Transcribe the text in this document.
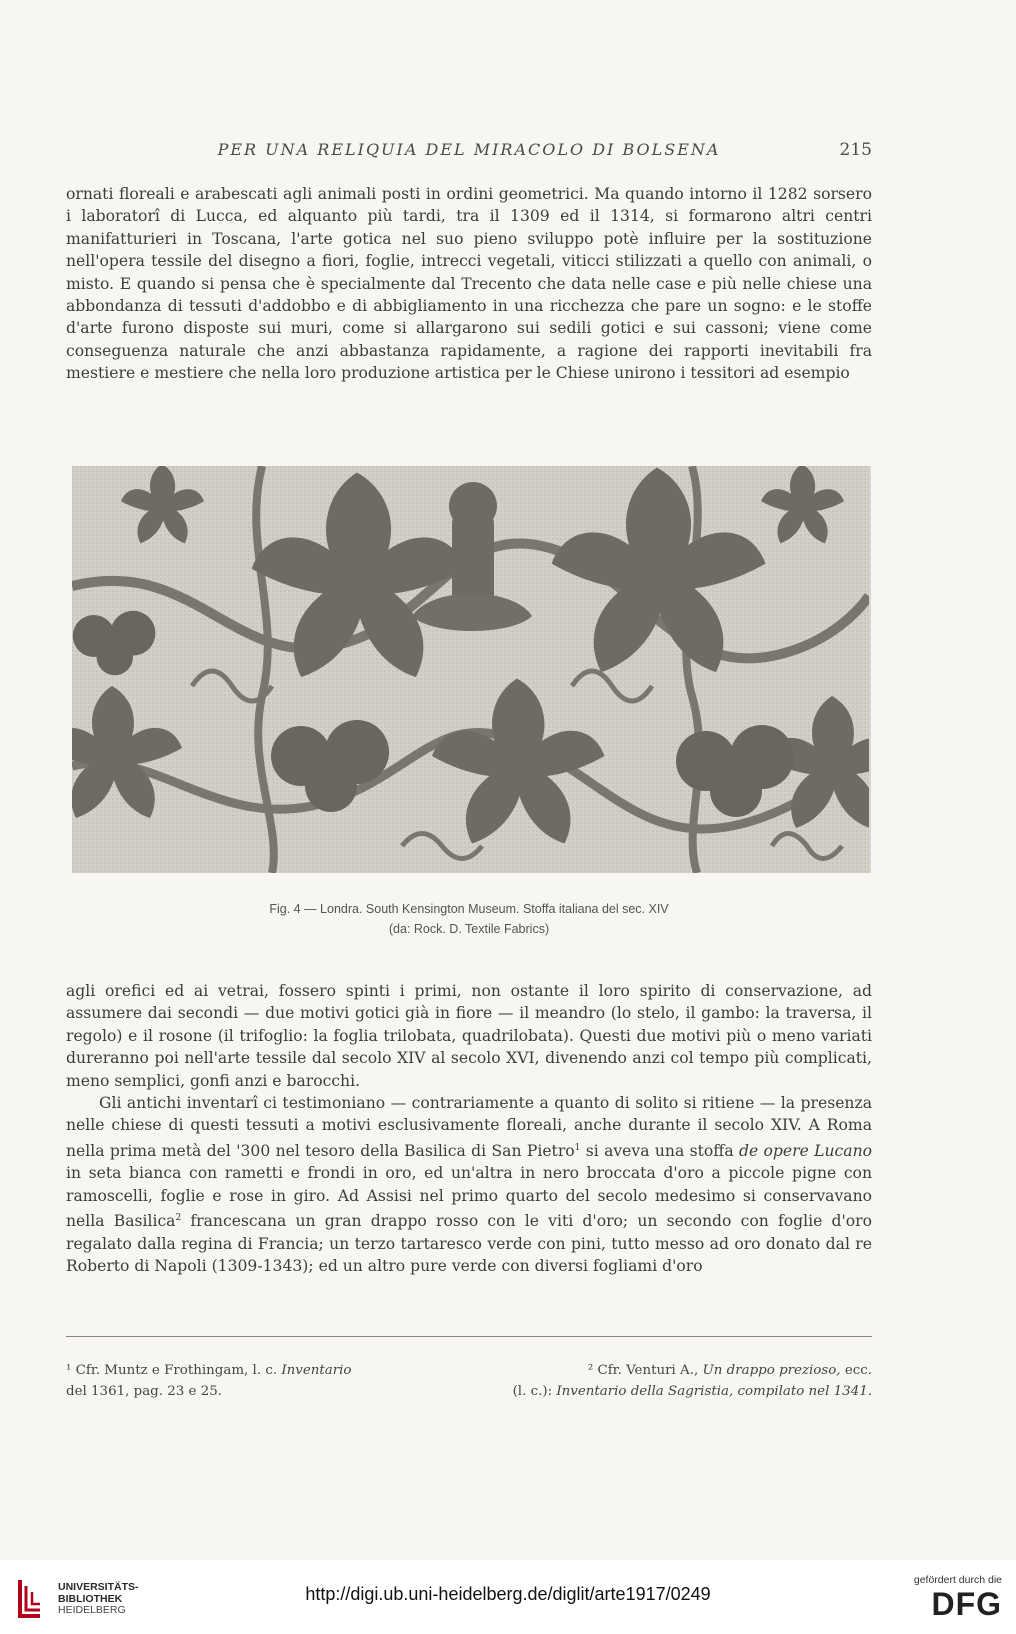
PER UNA RELIQUIA DEL MIRACOLO DI BOLSENA	215

ornati floreali e arabescati agli animali posti in ordini geometrici. Ma quando intorno il 1282 sorsero i laboratorî di Lucca, ed alquanto più tardi, tra il 1309 ed il 1314, si formarono altri centri manifatturieri in Toscana, l'arte gotica nel suo pieno sviluppo potè influire per la sostituzione nell'opera tessile del disegno a fiori, foglie, intrecci vegetali, viticci stilizzati a quello con animali, o misto. E quando si pensa che è specialmente dal Trecento che data nelle case e più nelle chiese una abbondanza di tessuti d'addobbo e di abbigliamento in una ricchezza che pare un sogno: e le stoffe d'arte furono disposte sui muri, come si allargarono sui sedili gotici e sui cassoni; viene come conseguenza naturale che anzi abbastanza rapidamente, a ragione dei rapporti inevitabili fra mestiere e mestiere che nella loro produzione artistica per le Chiese unirono i tessitori ad esempio

Fig. 4 — Londra. South Kensington Museum. Stoffa italiana del sec. XIV
(da: Rock. D. Textile Fabrics)

agli orefici ed ai vetrai, fossero spinti i primi, non ostante il loro spirito di conservazione, ad assumere dai secondi — due motivi gotici già in fiore — il meandro (lo stelo, il gambo: la traversa, il regolo) e il rosone (il trifoglio: la foglia trilobata, quadrilobata). Questi due motivi più o meno variati dureranno poi nell'arte tessile dal secolo XIV al secolo XVI, divenendo anzi col tempo più complicati, meno semplici, gonfi anzi e barocchi.

Gli antichi inventarî ci testimoniano — contrariamente a quanto di solito si ritiene — la presenza nelle chiese di questi tessuti a motivi esclusivamente floreali, anche durante il secolo XIV. A Roma nella prima metà del '300 nel tesoro della Basilica di San Pietro$^1$ si aveva una stoffa de opere Lucano in seta bianca con rametti e frondi in oro, ed un'altra in nero broccata d'oro a piccole pigne con ramoscelli, foglie e rose in giro. Ad Assisi nel primo quarto del secolo medesimo si conservavano nella Basilica$^2$ francescana un gran drappo rosso con le viti d'oro; un secondo con foglie d'oro regalato dalla regina di Francia; un terzo tartaresco verde con pini, tutto messo ad oro donato dal re Roberto di Napoli (1309-1343); ed un altro pure verde con diversi fogliami d'oro

¹ Cfr. Muntz e Frothingam, l. c. Inventario

del 1361, pag. 23 e 25.

² Cfr. Venturi A., Un drappo prezioso, ecc.

(l. c.): Inventario della Sagristia, compilato nel 1341.

UNIVERSITÄTS-
BIBLIOTHEK
HEIDELBERG
http://digi.ub.uni-heidelberg.de/diglit/arte1917/0249
gefördert durch die
DFG
